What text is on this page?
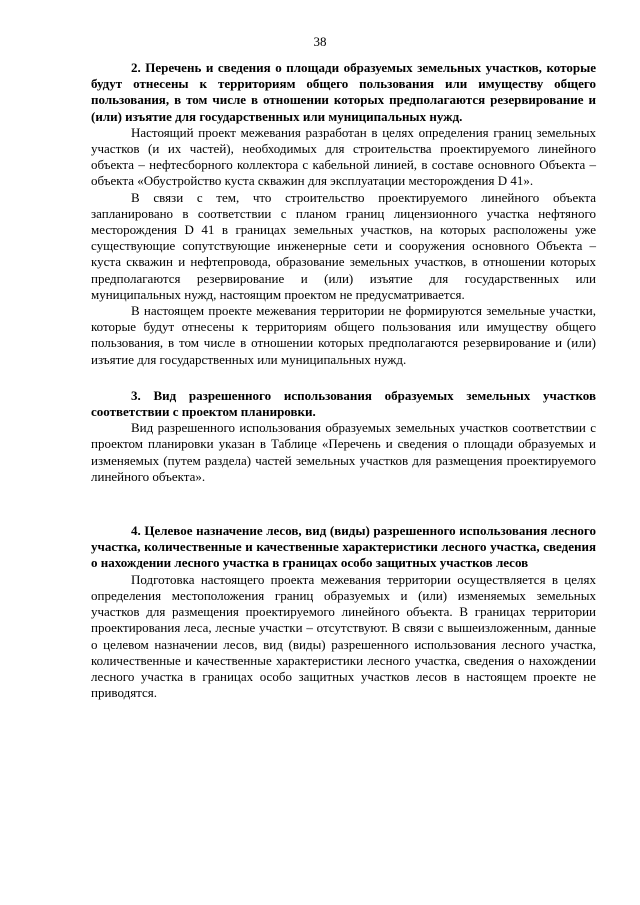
38

2. Перечень и сведения о площади образуемых земельных участков, которые будут отнесены к территориям общего пользования или имуществу общего пользования, в том числе в отношении которых предполагаются резервирование и (или) изъятие для государственных или муниципальных нужд.

Настоящий проект межевания разработан в целях определения границ земельных участков (и их частей), необходимых для строительства проектируемого линейного объекта – нефтесборного коллектора с кабельной линией, в составе основного Объекта – объекта «Обустройство куста скважин для эксплуатации месторождения D 41».

В связи с тем, что строительство проектируемого линейного объекта запланировано в соответствии с планом границ лицензионного участка нефтяного месторождения D 41 в границах земельных участков, на которых расположены уже существующие сопутствующие инженерные сети и сооружения основного Объекта – куста скважин и нефтепровода, образование земельных участков, в отношении которых предполагаются резервирование и (или) изъятие для государственных или муниципальных нужд, настоящим проектом не предусматривается.

В настоящем проекте межевания территории не формируются земельные участки, которые будут отнесены к территориям общего пользования или имуществу общего пользования, в том числе в отношении которых предполагаются резервирование и (или) изъятие для государственных или муниципальных нужд.

3. Вид разрешенного использования образуемых земельных участков соответствии с проектом планировки.

Вид разрешенного использования образуемых земельных участков соответствии с проектом планировки указан в Таблице «Перечень и сведения о площади образуемых и изменяемых (путем раздела) частей земельных участков для размещения проектируемого линейного объекта».

4. Целевое назначение лесов, вид (виды) разрешенного использования лесного участка, количественные и качественные характеристики лесного участка, сведения о нахождении лесного участка в границах особо защитных участков лесов

Подготовка настоящего проекта межевания территории осуществляется в целях определения местоположения границ образуемых и (или) изменяемых земельных участков для размещения проектируемого линейного объекта. В границах территории проектирования леса, лесные участки – отсутствуют. В связи с вышеизложенным, данные о целевом назначении лесов, вид (виды) разрешенного использования лесного участка, количественные и качественные характеристики лесного участка, сведения о нахождении лесного участка в границах особо защитных участков лесов в настоящем проекте не приводятся.
